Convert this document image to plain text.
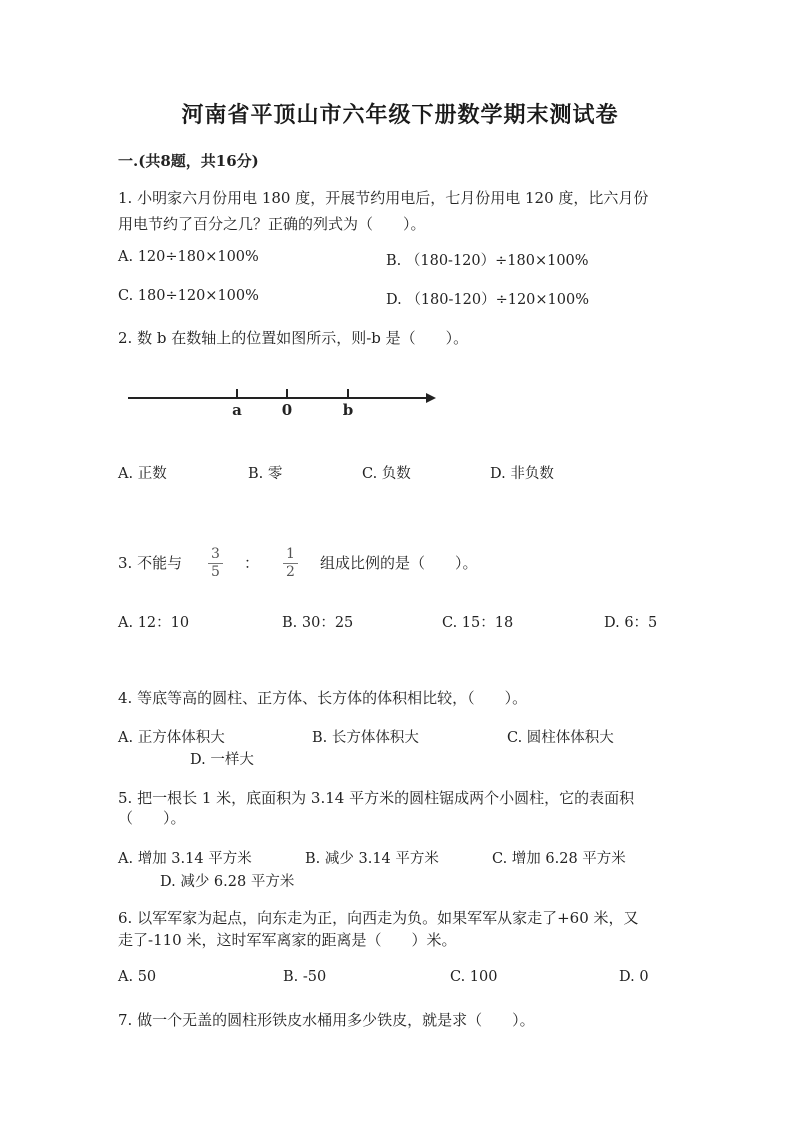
河南省平顶山市六年级下册数学期末测试卷
一.(共8题，共16分)
1. 小明家六月份用电 180 度，开展节约用电后，七月份用电 120 度，比六月份
用电节约了百分之几？正确的列式为（　　）。
A. 120÷180×100%	B. （180-120）÷180×100%
C. 180÷120×100%	D. （180-120）÷120×100%
2. 数 b 在数轴上的位置如图所示，则-b 是（　　）。
a	0	b
A. 正数	B. 零	C. 负数	D. 非负数
3. 不能与 $\frac{3}{5}$ ： $\frac{1}{2}$ 组成比例的是（　　）。
A. 12：10	B. 30：25	C. 15：18	D. 6：5
4. 等底等高的圆柱、正方体、长方体的体积相比较，（　　）。
A. 正方体体积大	B. 长方体体积大	C. 圆柱体体积大
D. 一样大
5. 把一根长 1 米，底面积为 3.14 平方米的圆柱锯成两个小圆柱，它的表面积
（　　）。
A. 增加 3.14 平方米	B. 减少 3.14 平方米	C. 增加 6.28 平方米
D. 减少 6.28 平方米
6. 以军军家为起点，向东走为正，向西走为负。如果军军从家走了+60 米，又
走了-110 米，这时军军离家的距离是（　　）米。
A. 50	B. -50	C. 100	D. 0
7. 做一个无盖的圆柱形铁皮水桶用多少铁皮，就是求（　　）。
